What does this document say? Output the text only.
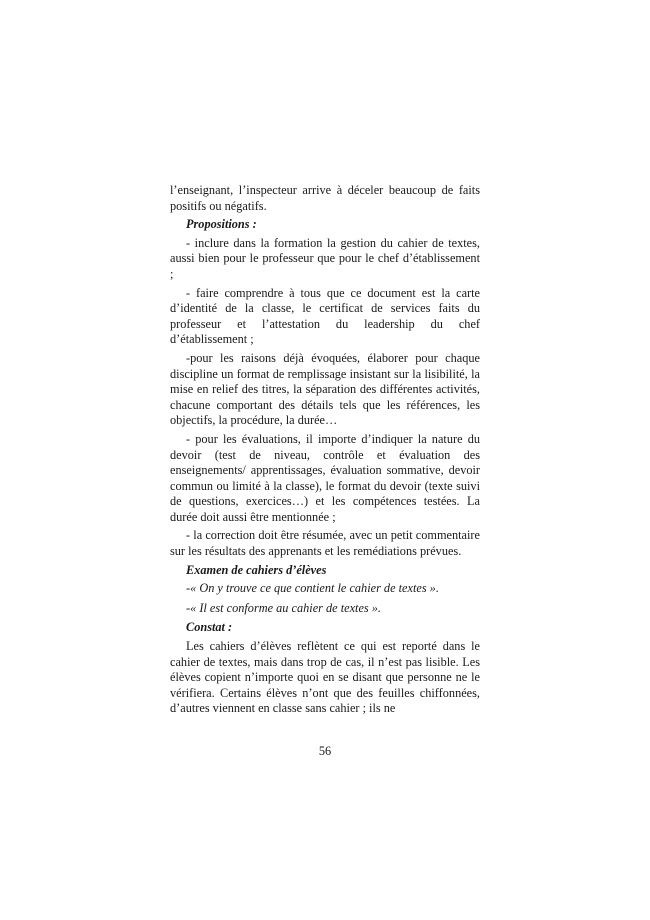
l’enseignant, l’inspecteur arrive à déceler beaucoup de faits positifs ou négatifs.

Propositions :

- inclure dans la formation la gestion du cahier de textes, aussi bien pour le professeur que pour le chef d’établissement ;

- faire comprendre à tous que ce document est la carte d’identité de la classe, le certificat de services faits du professeur et l’attestation du leadership du chef d’établissement ;

-pour les raisons déjà évoquées, élaborer pour chaque discipline un format de remplissage insistant sur la lisibilité, la mise en relief des titres, la séparation des différentes activités, chacune comportant des détails tels que les références, les objectifs, la procédure, la durée…

- pour les évaluations, il importe d’indiquer la nature du devoir (test de niveau, contrôle et évaluation des enseignements/ apprentissages, évaluation sommative, devoir commun ou limité à la classe), le format du devoir (texte suivi de questions, exercices…) et les compétences testées. La durée doit aussi être mentionnée ;

- la correction doit être résumée, avec un petit commentaire sur les résultats des apprenants et les remédiations prévues.

Examen de cahiers d’élèves

-« On y trouve ce que contient le cahier de textes ».

-« Il est conforme au cahier de textes ».

Constat :

Les cahiers d’élèves reflètent ce qui est reporté dans le cahier de textes, mais dans trop de cas, il n’est pas lisible. Les élèves copient n’importe quoi en se disant que personne ne le vérifiera. Certains élèves n’ont que des feuilles chiffonnées, d’autres viennent en classe sans cahier ; ils ne

56
